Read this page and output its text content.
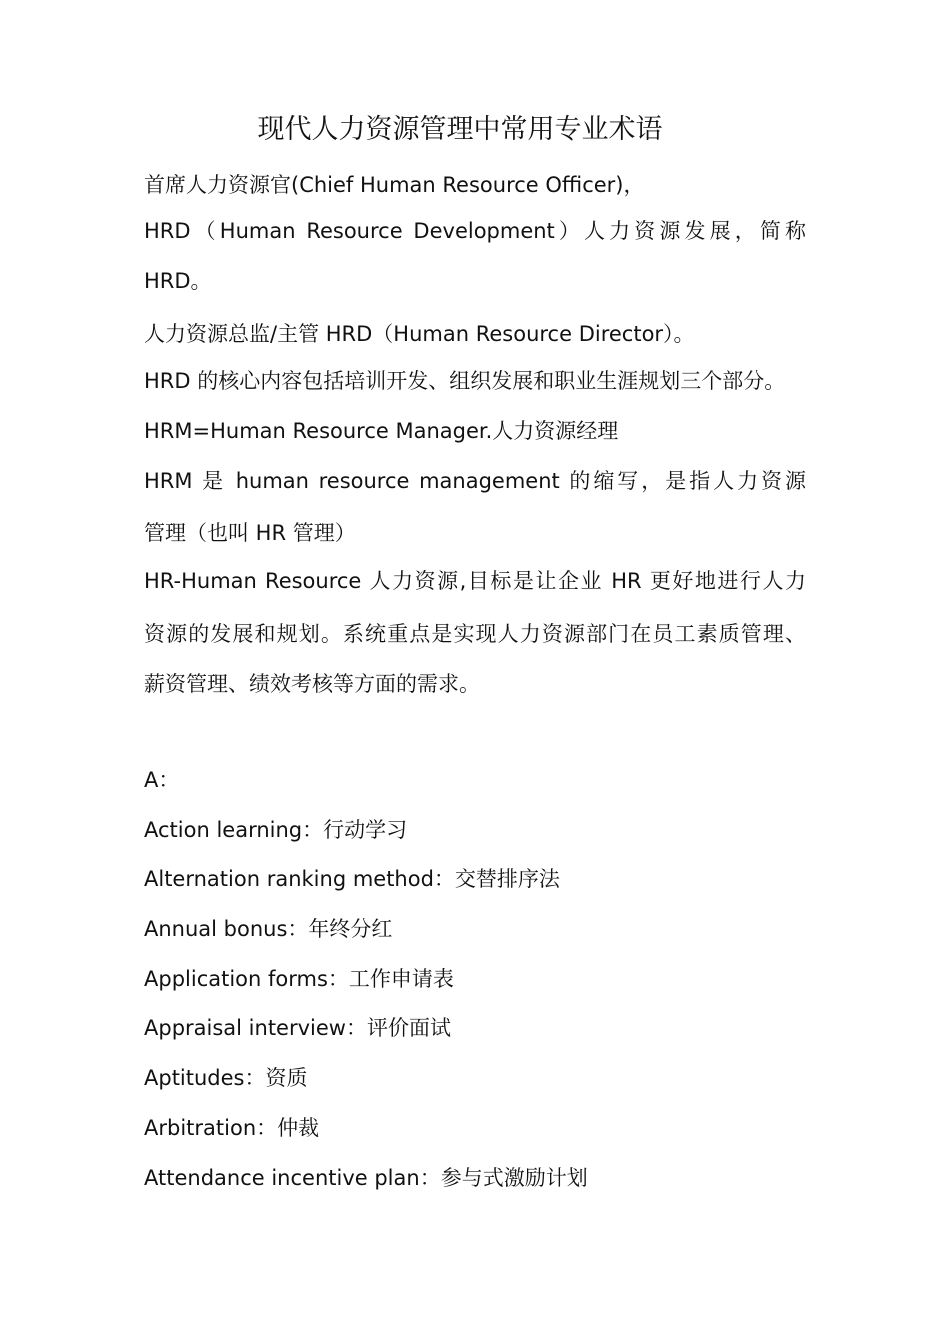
现代人力资源管理中常用专业术语

首席人力资源官(Chief Human Resource Officer)，

HRD（Human Resource Development）人力资源发展，简称

HRD。

人力资源总监/主管 HRD（Human Resource Director）。

HRD 的核心内容包括培训开发、组织发展和职业生涯规划三个部分。

HRM=Human Resource Manager.人力资源经理

HRM 是 human resource management 的缩写，是指人力资源

管理（也叫 HR 管理）

HR-Human Resource 人力资源,目标是让企业 HR 更好地进行人力

资源的发展和规划。系统重点是实现人力资源部门在员工素质管理、

薪资管理、绩效考核等方面的需求。

A：

Action learning：行动学习

Alternation ranking method：交替排序法

Annual bonus：年终分红

Application forms：工作申请表

Appraisal interview：评价面试

Aptitudes：资质

Arbitration：仲裁

Attendance incentive plan：参与式激励计划
